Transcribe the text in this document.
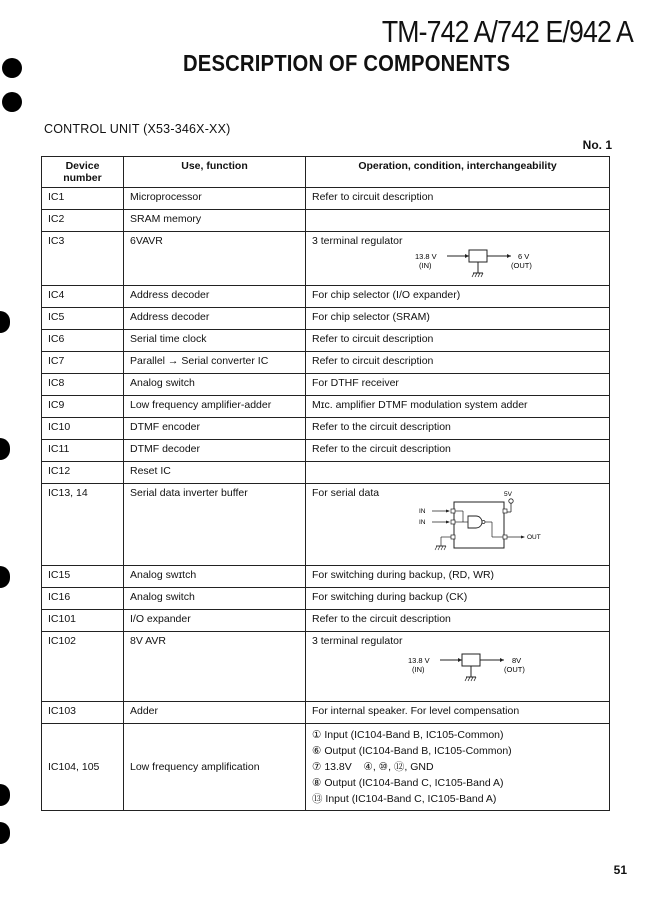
TM-742 A/742 E/942 A
DESCRIPTION OF COMPONENTS
CONTROL UNIT (X53-346X-XX)
No. 1
Device number	Use, function	Operation, condition, interchangeability
IC1	Microprocessor	Refer to circuit description
IC2	SRAM memory	
IC3	6VAVR	3 terminal regulator
13.8 V
(IN)
6 V
(OUT)

IC4	Address decoder	For chip selector (I/O expander)
IC5	Address decoder	For chip selector (SRAM)
IC6	Serial time clock	Refer to circuit description
IC7	Parallel → Serial converter IC	Refer to circuit description
IC8	Analog switch	For DTHF receiver
IC9	Low frequency amplifier-adder	Mɪc. amplifier DTMF modulation system adder
IC10	DTMF encoder	Refer to the circuit description
IC11	DTMF decoder	Refer to the circuit description
IC12	Reset IC	
IC13, 14	Serial data inverter buffer	For serial data 5V
IN
IN
OUT

IC15	Analog swɪtch	For switching during backup, (RD, WR)
IC16	Analog switch	For switching during backup (CK)
IC101	I/O expander	Refer to the circuit description
IC102	8V AVR	3 terminal regulator
13.8 V
(IN)
8V
(OUT)

IC103	Adder	For internal speaker. For level compensation
IC104, 105	Low frequency amplification	① Input (IC104-Band B, IC105-Common)
⑥ Output (IC104-Band B, IC105-Common)
⑦ 13.8V    ④, ⑩, ⑫, GND
⑧ Output (IC104-Band C, IC105-Band A)
⑬ Input (IC104-Band C, IC105-Band A)
51
